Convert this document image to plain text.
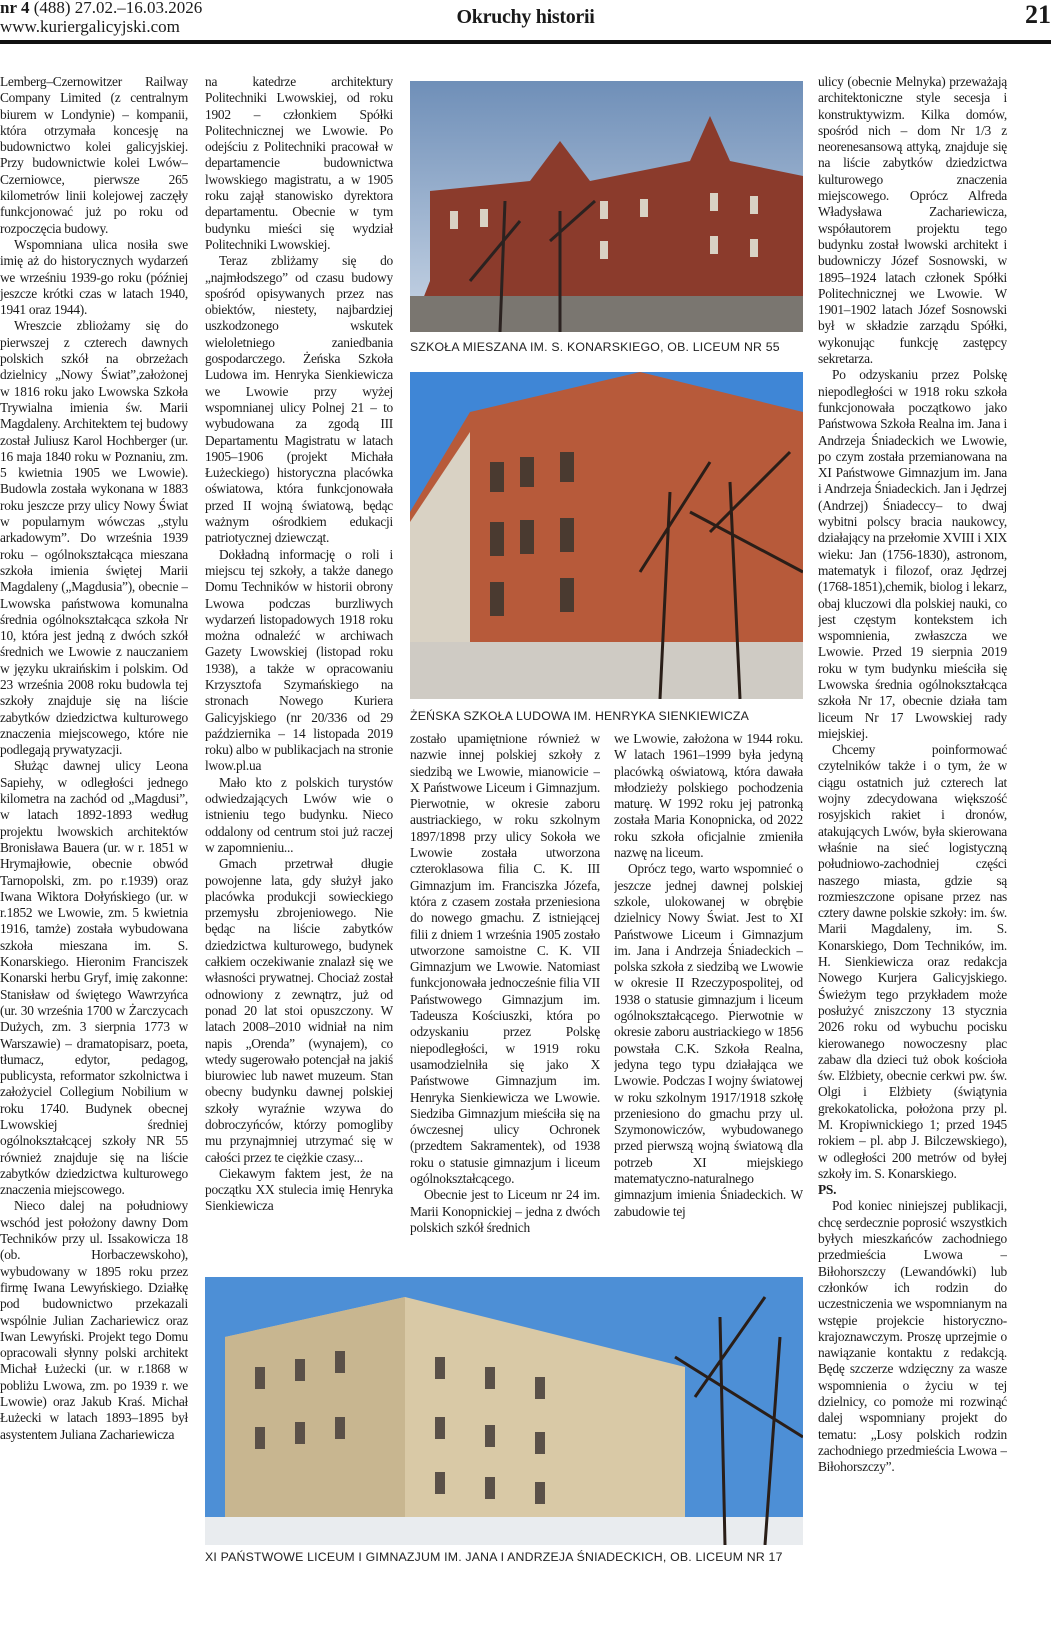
nr 4 (488) 27.02.–16.03.2026
www.kuriergalicyjski.com	Okruchy historii	21

Lemberg–Czernowitzer Railway Company Limited (z centralnym biurem w Londynie) – kompanii, która otrzymała koncesję na budownictwo kolei galicyjskiej. Przy budownictwie kolei Lwów–Czerniowce, pierwsze 265 kilometrów linii kolejowej zaczęły funkcjonować już po roku od rozpoczęcia budowy.

Wspomniana ulica nosiła swe imię aż do historycznych wydarzeń we wrześniu 1939-go roku (później jeszcze krótki czas w latach 1940, 1941 oraz 1944).

Wreszcie zbliożamy się do pierwszej z czterech dawnych polskich szkół na obrzeżach dzielnicy „Nowy Świat”,założonej w 1816 roku jako Lwowska Szkoła Trywialna imienia św. Marii Magdaleny. Architektem tej budowy został Juliusz Karol Hochberger (ur. 16 maja 1840 roku w Poznaniu, zm. 5 kwietnia 1905 we Lwowie). Budowla została wykonana w 1883 roku jeszcze przy ulicy Nowy Świat w popularnym wówczas „stylu arkadowym”. Do września 1939 roku – ogólnokształcąca mieszana szkoła imienia świętej Marii Magdaleny („Magdusia”), obecnie – Lwowska państwowa komunalna średnia ogólnokształcąca szkoła Nr 10, która jest jedną z dwóch szkół średnich we Lwowie z nauczaniem w języku ukraińskim i polskim. Od 23 września 2008 roku budowla tej szkoły znajduje się na liście zabytków dziedzictwa kulturowego znaczenia miejscowego, które nie podlegają prywatyzacji.

Służąc dawnej ulicy Leona Sapiehy, w odległości jednego kilometra na zachód od „Magdusi”, w latach 1892-1893 według projektu lwowskich architektów Bronisława Bauera (ur. w r. 1851 w Hrymajłowie, obecnie obwód Tarnopolski, zm. po r.1939) oraz Iwana Wiktora Dołyńskiego (ur. w r.1852 we Lwowie, zm. 5 kwietnia 1916, tamże) została wybudowana szkoła mieszana im. S. Konarskiego. Hieronim Franciszek Konarski herbu Gryf, imię zakonne: Stanisław od świętego Wawrzyńca (ur. 30 września 1700 w Żarczycach Dużych, zm. 3 sierpnia 1773 w Warszawie) – dramatopisarz, poeta, tłumacz, edytor, pedagog, publicysta, reformator szkolnictwa i założyciel Collegium Nobilium w roku 1740. Budynek obecnej Lwowskiej średniej ogólnokształcącej szkoły NR 55 również znajduje się na liście zabytków dziedzictwa kulturowego znaczenia miejscowego.

Nieco dalej na południowy wschód jest położony dawny Dom Techników przy ul. Issakowicza 18 (ob. Horbaczewskoho), wybudowany w 1895 roku przez firmę Iwana Lewyńskiego. Działkę pod budownictwo przekazali wspólnie Julian Zachariewicz oraz Iwan Lewyński. Projekt tego Domu opracowali słynny polski architekt Michał Łużecki (ur. w r.1868 w pobliżu Lwowa, zm. po 1939 r. we Lwowie) oraz Jakub Kraś. Michał Łużecki w latach 1893–1895 był asystentem Juliana Zachariewicza

na katedrze architektury Politechniki Lwowskiej, od roku 1902 – członkiem Spółki Politechnicznej we Lwowie. Po odejściu z Politechniki pracował w departamencie budownictwa lwowskiego magistratu, a w 1905 roku zajął stanowisko dyrektora departamentu. Obecnie w tym budynku mieści się wydział Politechniki Lwowskiej.

Teraz zbliżamy się do „najmłodszego” od czasu budowy spośród opisywanych przez nas obiektów, niestety, najbardziej uszkodzonego wskutek wieloletniego zaniedbania gospodarczego. Żeńska Szkoła Ludowa im. Henryka Sienkiewicza we Lwowie przy wyżej wspomnianej ulicy Polnej 21 – to wybudowana za zgodą III Departamentu Magistratu w latach 1905–1906 (projekt Michała Łużeckiego) historyczna placówka oświatowa, która funkcjonowała przed II wojną światową, będąc ważnym ośrodkiem edukacji patriotycznej dziewcząt.

Dokładną informację o roli i miejscu tej szkoły, a także danego Domu Techników w historii obrony Lwowa podczas burzliwych wydarzeń listopadowych 1918 roku można odnaleźć w archiwach Gazety Lwowskiej (listopad roku 1938), a także w opracowaniu Krzysztofa Szymańskiego na stronach Nowego Kuriera Galicyjskiego (nr 20/336 od 29 października – 14 listopada 2019 roku) albo w publikacjach na stronie lwow.pl.ua

Mało kto z polskich turystów odwiedzających Lwów wie o istnieniu tego budynku. Nieco oddalony od centrum stoi już raczej w zapomnieniu...

Gmach przetrwał długie powojenne lata, gdy służył jako placówka produkcji sowieckiego przemysłu zbrojeniowego. Nie będąc na liście zabytków dziedzictwa kulturowego, budynek całkiem oczekiwanie znalazł się we własności prywatnej. Chociaż został odnowiony z zewnątrz, już od ponad 20 lat stoi opuszczony. W latach 2008–2010 widniał na nim napis „Orenda” (wynajem), co wtedy sugerowało potencjał na jakiś biurowiec lub nawet muzeum. Stan obecny budynku dawnej polskiej szkoły wyraźnie wzywa do dobroczyńców, którzy pomogliby mu przynajmniej utrzymać się w całości przez te ciężkie czasy...

Ciekawym faktem jest, że na początku XX stulecia imię Henryka Sienkiewicza

zostało upamiętnione również w nazwie innej polskiej szkoły z siedzibą we Lwowie, mianowicie – X Państwowe Liceum i Gimnazjum. Pierwotnie, w okresie zaboru austriackiego, w roku szkolnym 1897/1898 przy ulicy Sokoła we Lwowie została utworzona czteroklasowa filia C. K. III Gimnazjum im. Franciszka Józefa, która z czasem została przeniesiona do nowego gmachu. Z istniejącej filii z dniem 1 września 1905 zostało utworzone samoistne C. K. VII Gimnazjum we Lwowie. Natomiast funkcjonowała jednocześnie filia VII Państwowego Gimnazjum im. Tadeusza Kościuszki, która po odzyskaniu przez Polskę niepodległości, w 1919 roku usamodzielniła się jako X Państwowe Gimnazjum im. Henryka Sienkiewicza we Lwowie. Siedziba Gimnazjum mieściła się na ówczesnej ulicy Ochronek (przedtem Sakramentek), od 1938 roku o statusie gimnazjum i liceum ogólnokształcącego.

Obecnie jest to Liceum nr 24 im. Marii Konopnickiej – jedna z dwóch polskich szkół średnich

we Lwowie, założona w 1944 roku. W latach 1961–1999 była jedyną placówką oświatową, która dawała młodzieży polskiego pochodzenia maturę. W 1992 roku jej patronką została Maria Konopnicka, od 2022 roku szkoła oficjalnie zmieniła nazwę na liceum.

Oprócz tego, warto wspomnieć o jeszcze jednej dawnej polskiej szkole, ulokowanej w obrębie dzielnicy Nowy Świat. Jest to XI Państwowe Liceum i Gimnazjum im. Jana i Andrzeja Śniadeckich – polska szkoła z siedzibą we Lwowie w okresie II Rzeczypospolitej, od 1938 o statusie gimnazjum i liceum ogólnokształcącego. Pierwotnie w okresie zaboru austriackiego w 1856 powstała C.K. Szkoła Realna, jedyna tego typu działająca we Lwowie. Podczas I wojny światowej w roku szkolnym 1917/1918 szkołę przeniesiono do gmachu przy ul. Szymonowiczów, wybudowanego przed pierwszą wojną światową dla potrzeb XI miejskiego matematyczno-naturalnego gimnazjum imienia Śniadeckich. W zabudowie tej

ulicy (obecnie Melnyka) przeważają architektoniczne style secesja i konstruktywizm. Kilka domów, spośród nich – dom Nr 1/3 z neorenesansową attyką, znajduje się na liście zabytków dziedzictwa kulturowego znaczenia miejscowego. Oprócz Alfreda Władysława Zachariewicza, współautorem projektu tego budynku został lwowski architekt i budowniczy Józef Sosnowski, w 1895–1924 latach członek Spółki Politechnicznej we Lwowie. W 1901–1902 latach Józef Sosnowski był w składzie zarządu Spółki, wykonując funkcję zastępcy sekretarza.

Po odzyskaniu przez Polskę niepodległości w 1918 roku szkoła funkcjonowała początkowo jako Państwowa Szkoła Realna im. Jana i Andrzeja Śniadeckich we Lwowie, po czym została przemianowana na XI Państwowe Gimnazjum im. Jana i Andrzeja Śniadeckich. Jan i Jędrzej (Andrzej) Śniadeccy– to dwaj wybitni polscy bracia naukowcy, działający na przełomie XVIII i XIX wieku: Jan (1756-1830), astronom, matematyk i filozof, oraz Jędrzej (1768-1851),chemik, biolog i lekarz, obaj kluczowi dla polskiej nauki, co jest częstym kontekstem ich wspomnienia, zwłaszcza we Lwowie. Przed 19 sierpnia 2019 roku w tym budynku mieściła się Lwowska średnia ogólnokształcąca szkoła Nr 17, obecnie działa tam liceum Nr 17 Lwowskiej rady miejskiej.

Chcemy poinformować czytelników także i o tym, że w ciągu ostatnich już czterech lat wojny zdecydowana większość rosyjskich rakiet i dronów, atakujących Lwów, była skierowana właśnie na sieć logistyczną południowo-zachodniej części naszego miasta, gdzie są rozmieszczone opisane przez nas cztery dawne polskie szkoły: im. św. Marii Magdaleny, im. S. Konarskiego, Dom Techników, im. H. Sienkiewicza oraz redakcja Nowego Kurjera Galicyjskiego. Świeżym tego przykładem może posłużyć zniszczony 13 stycznia 2026 roku od wybuchu pocisku kierowanego nowoczesny plac zabaw dla dzieci tuż obok kościoła św. Elżbiety, obecnie cerkwi pw. św. Olgi i Elżbiety (świątynia grekokatolicka, położona przy pl. M. Kropiwnickiego 1; przed 1945 rokiem – pl. abp J. Bilczewskiego), w odległości 200 metrów od byłej szkoły im. S. Konarskiego.

PS.

Pod koniec niniejszej publikacji, chcę serdecznie poprosić wszystkich byłych mieszkańców zachodniego przedmieścia Lwowa – Biłohorszczy (Lewandówki) lub członków ich rodzin do uczestniczenia we wspomnianym na wstępie projekcie historyczno-krajoznawczym. Proszę uprzejmie o nawiązanie kontaktu z redakcją. Będę szczerze wdzięczny za wasze wspomnienia o życiu w tej dzielnicy, co pomoże mi rozwinąć dalej wspomniany projekt do tematu: „Losy polskich rodzin zachodniego przedmieścia Lwowa – Biłohorszczy”.

SZKOŁA MIESZANA IM. S. KONARSKIEGO, OB. LICEUM NR 55
ŻEŃSKA SZKOŁA LUDOWA IM. HENRYKA SIENKIEWICZA
XI PAŃSTWOWE LICEUM I GIMNAZJUM IM. JANA I ANDRZEJA ŚNIADECKICH, OB. LICEUM NR 17
